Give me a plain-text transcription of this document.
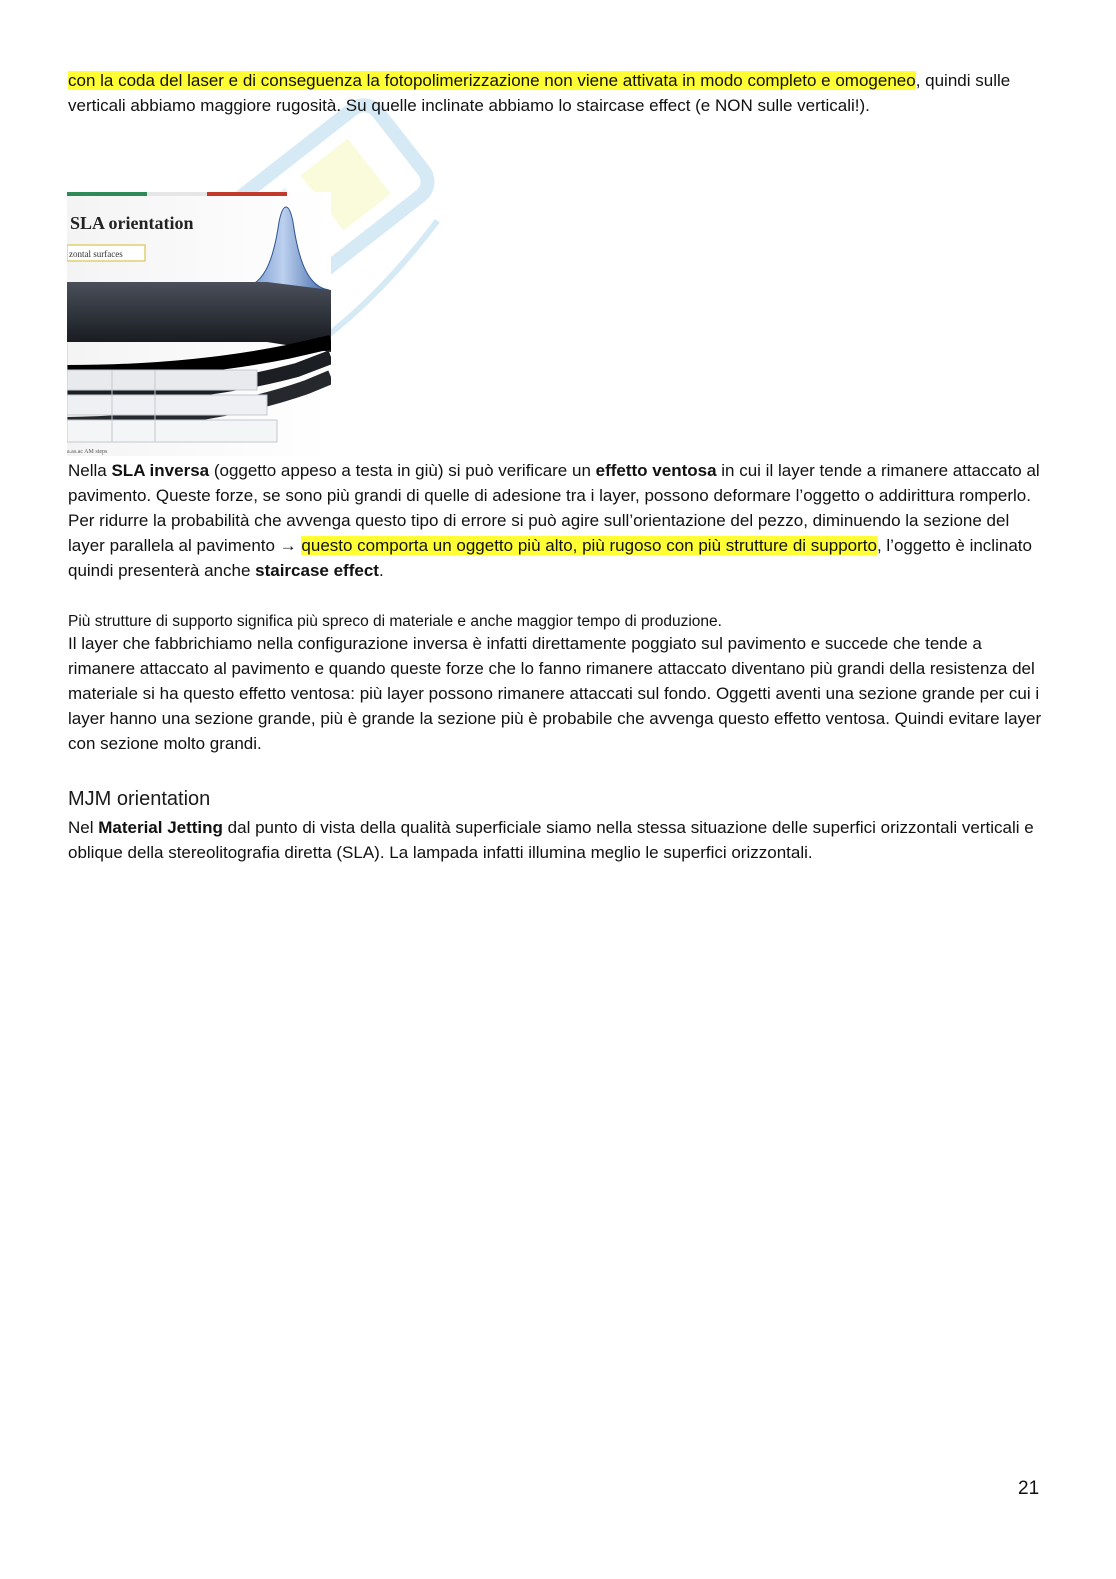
con la coda del laser e di conseguenza la fotopolimerizzazione non viene attivata in modo completo e omogeneo, quindi sulle verticali abbiamo maggiore rugosità. Su quelle inclinate abbiamo lo staircase effect (e NON sulle verticali!).

SLA orientation
zontal surfaces
a.as.ac AM steps

Nella SLA inversa (oggetto appeso a testa in giù) si può verificare un effetto ventosa in cui il layer tende a rimanere attaccato al pavimento. Queste forze, se sono più grandi di quelle di adesione tra i layer, possono deformare l’oggetto o addirittura romperlo. Per ridurre la probabilità che avvenga questo tipo di errore si può agire sull’orientazione del pezzo, diminuendo la sezione del layer parallela al pavimento → questo comporta un oggetto più alto, più rugoso con più strutture di supporto, l’oggetto è inclinato quindi presenterà anche staircase effect.

Più strutture di supporto significa più spreco di materiale e anche maggior tempo di produzione.

Il layer che fabbrichiamo nella configurazione inversa è infatti direttamente poggiato sul pavimento e succede che tende a rimanere attaccato al pavimento e quando queste forze che lo fanno rimanere attaccato diventano più grandi della resistenza del materiale si ha questo effetto ventosa: più layer possono rimanere attaccati sul fondo. Oggetti aventi una sezione grande per cui i layer hanno una sezione grande, più è grande la sezione più è probabile che avvenga questo effetto ventosa. Quindi evitare layer con sezione molto grandi.

MJM orientation

Nel Material Jetting dal punto di vista della qualità superficiale siamo nella stessa situazione delle superfici orizzontali verticali e oblique della stereolitografia diretta (SLA). La lampada infatti illumina meglio le superfici orizzontali.

21
